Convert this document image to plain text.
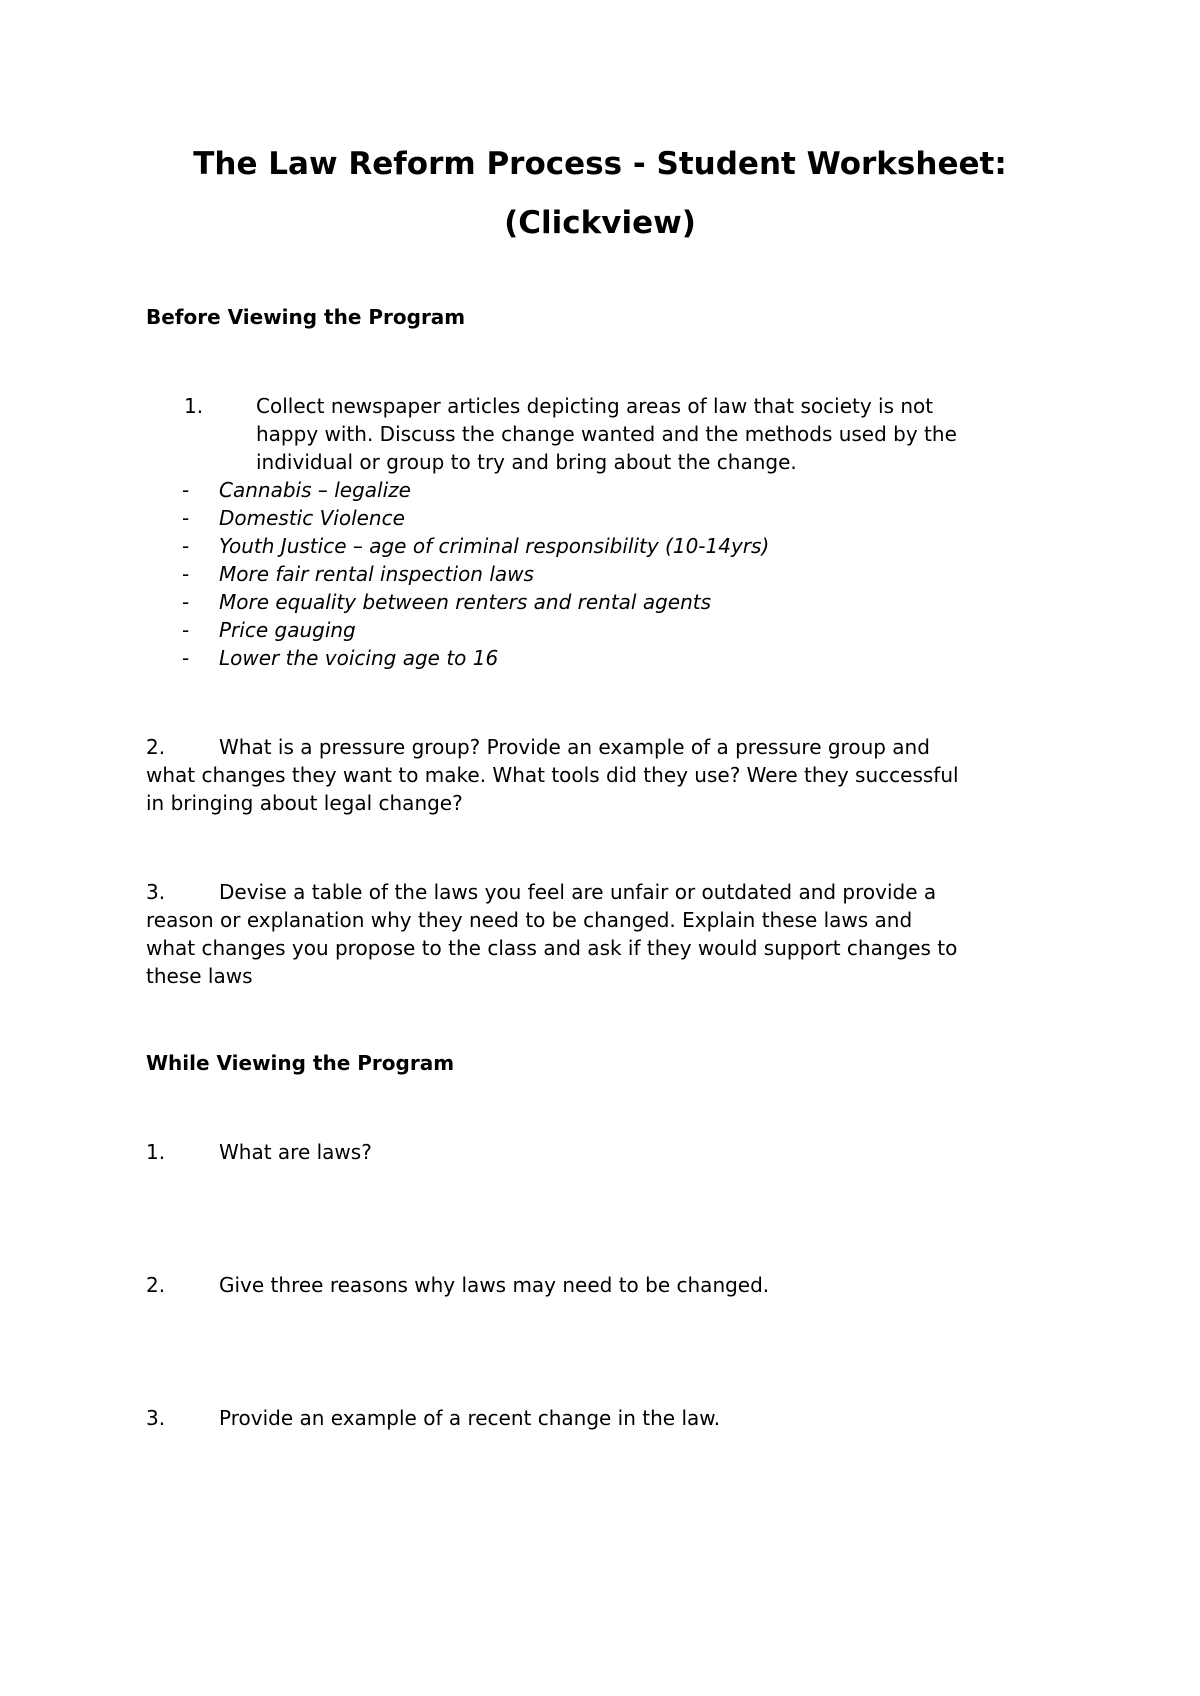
The Law Reform Process - Student Worksheet:
(Clickview)
Before Viewing the Program
1.	Collect newspaper articles depicting areas of law that society is not
happy with. Discuss the change wanted and the methods used by the
individual or group to try and bring about the change.
- Cannabis – legalize
- Domestic Violence
- Youth Justice – age of criminal responsibility (10-14yrs)
- More fair rental inspection laws
- More equality between renters and rental agents
- Price gauging
- Lower the voicing age to 16
2.	What is a pressure group? Provide an example of a pressure group and
what changes they want to make. What tools did they use? Were they successful
in bringing about legal change?
3.	Devise a table of the laws you feel are unfair or outdated and provide a
reason or explanation why they need to be changed. Explain these laws and
what changes you propose to the class and ask if they would support changes to
these laws
While Viewing the Program
1.	What are laws?
2.	Give three reasons why laws may need to be changed.
3.	Provide an example of a recent change in the law.
